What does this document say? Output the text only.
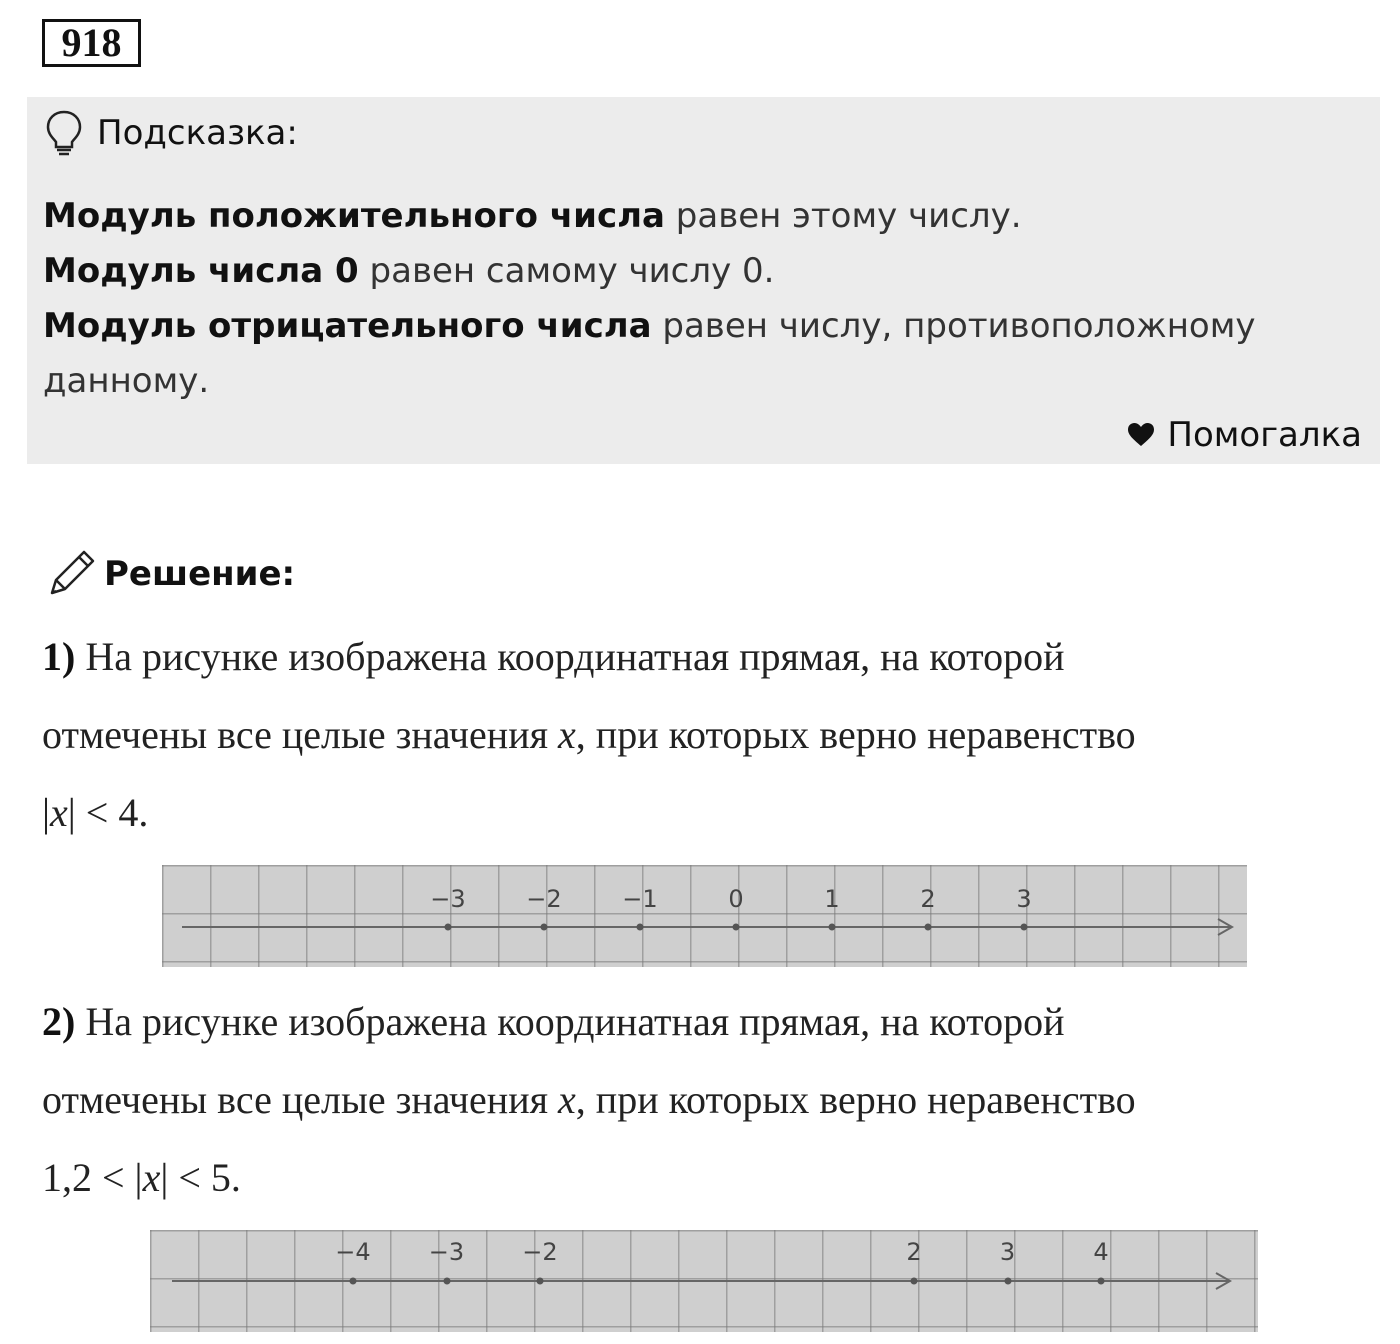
918
Подсказка:
Модуль положительного числа равен этому числу.
Модуль числа 0 равен самому числу 0.
Модуль отрицательного числа равен числу, противоположному
данному.
Помогалка
Решение:
1) На рисунке изображена координатная прямая, на которой
отмечены все целые значения x, при которых верно неравенство
|x| < 4.
−3	−2	−1	0	1	2	3
2) На рисунке изображена координатная прямая, на которой
отмечены все целые значения x, при которых верно неравенство
1,2 < |x| < 5.
−4 −3 −2	2	3	4
